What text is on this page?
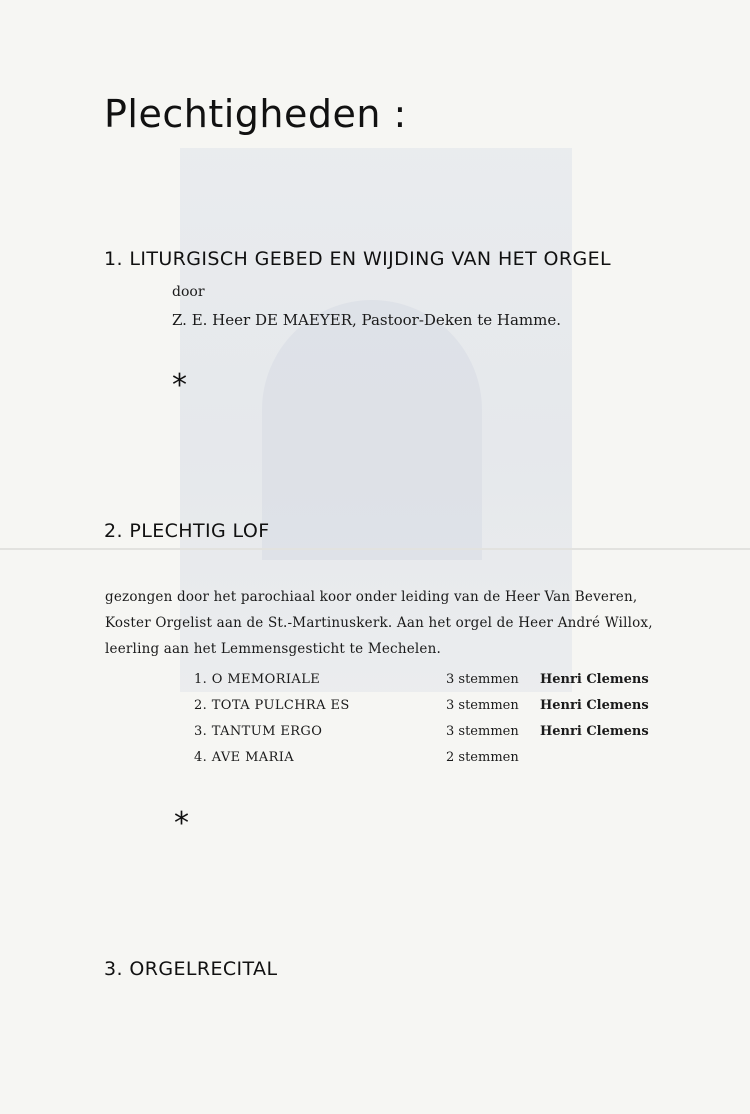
Plechtigheden :
1. LITURGISCH GEBED EN WIJDING VAN HET ORGEL
door
Z. E. Heer DE MAEYER, Pastoor-Deken te Hamme.
*
2. PLECHTIG LOF
gezongen door het parochiaal koor onder leiding van de Heer Van Beveren,
Koster Orgelist aan de St.-Martinuskerk. Aan het orgel de Heer André Willox,
leerling aan het Lemmensgesticht te Mechelen.
1. O MEMORIALE	3 stemmen Henri Clemens
2. TOTA PULCHRA ES	3 stemmen Henri Clemens
3. TANTUM ERGO	3 stemmen Henri Clemens
4. AVE MARIA	2 stemmen
*
3. ORGELRECITAL
